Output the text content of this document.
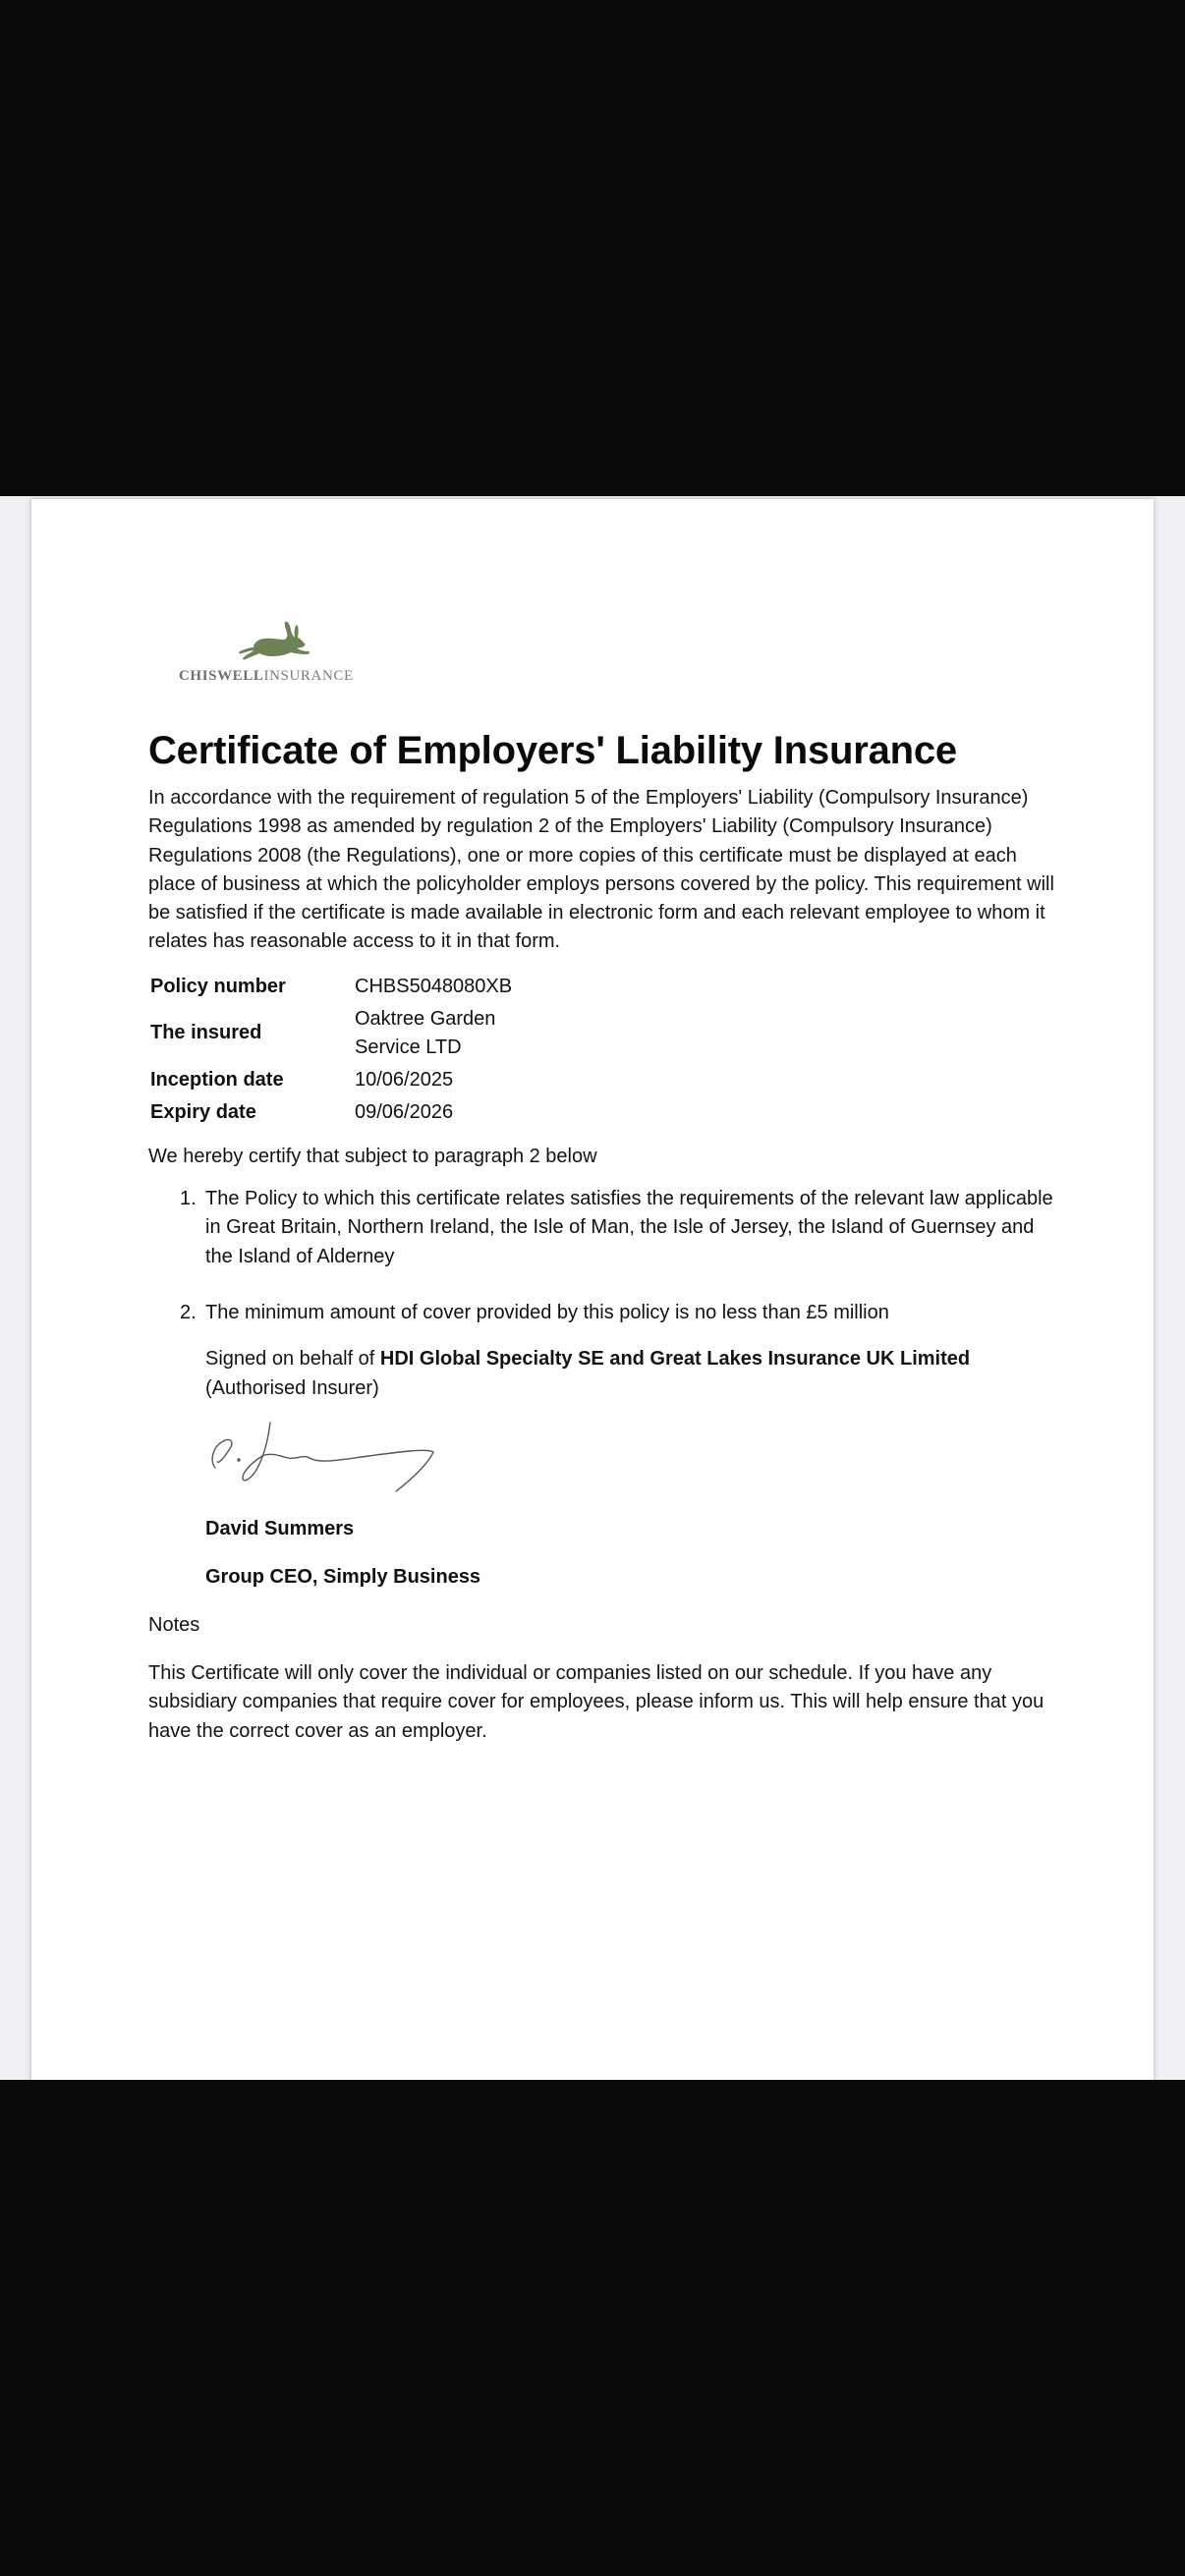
CHISWELLINSURANCE
Certificate of Employers' Liability Insurance

In accordance with the requirement of regulation 5 of the Employers' Liability (Compulsory Insurance) Regulations 1998 as amended by regulation 2 of the Employers' Liability (Compulsory Insurance) Regulations 2008 (the Regulations), one or more copies of this certificate must be displayed at each place of business at which the policyholder employs persons covered by the policy. This requirement will be satisfied if the certificate is made available in electronic form and each relevant employee to whom it relates has reasonable access to it in that form.

Policy number	CHBS5048080XB
The insured	Oaktree Garden Service LTD
Inception date	10/06/2025
Expiry date	09/06/2026

We hereby certify that subject to paragraph 2 below

1. The Policy to which this certificate relates satisfies the requirements of the relevant law applicable in Great Britain, Northern Ireland, the Isle of Man, the Isle of Jersey, the Island of Guernsey and the Island of Alderney
2. The minimum amount of cover provided by this policy is no less than £5 million

Signed on behalf of HDI Global Specialty SE and Great Lakes Insurance UK Limited
(Authorised Insurer)

David Summers
Group CEO, Simply Business

Notes

This Certificate will only cover the individual or companies listed on our schedule. If you have any subsidiary companies that require cover for employees, please inform us. This will help ensure that you have the correct cover as an employer.
